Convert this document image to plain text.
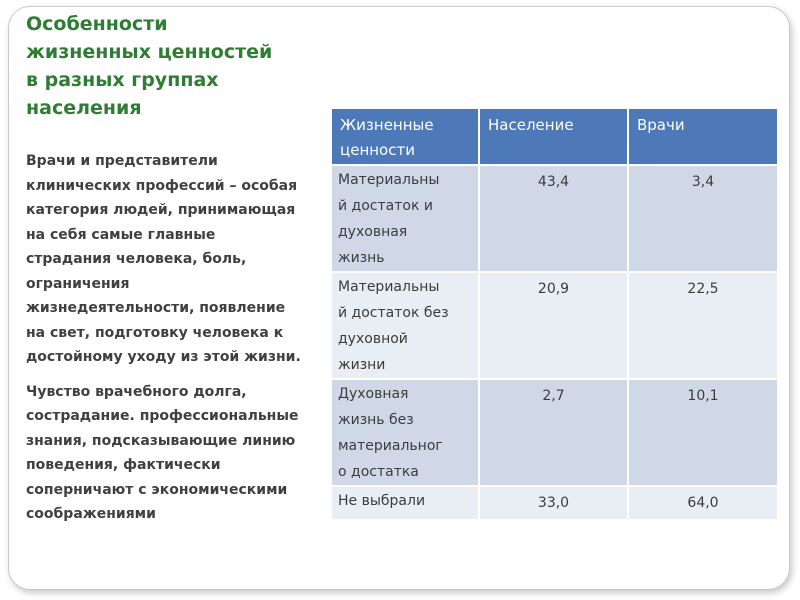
Особенности
жизненных ценностей
в разных группах
населения
Врачи и представители
клинических профессий – особая
категория людей, принимающая
на себя самые главные
страдания человека, боль,
ограничения
жизнедеятельности, появление
на свет, подготовку человека к
достойному уходу из этой жизни.
Чувство врачебного долга,
сострадание. профессиональные
знания, подсказывающие линию
поведения, фактически
соперничают с экономическими
соображениями
Жизненные
ценности	Население	Врачи

Материальны
й достаток и
духовная
жизнь	43,4	3,4

Материальны
й достаток без
духовной
жизни	20,9	22,5

Духовная
жизнь без
материальног
о достатка	2,7	10,1

Не выбрали	33,0	64,0
